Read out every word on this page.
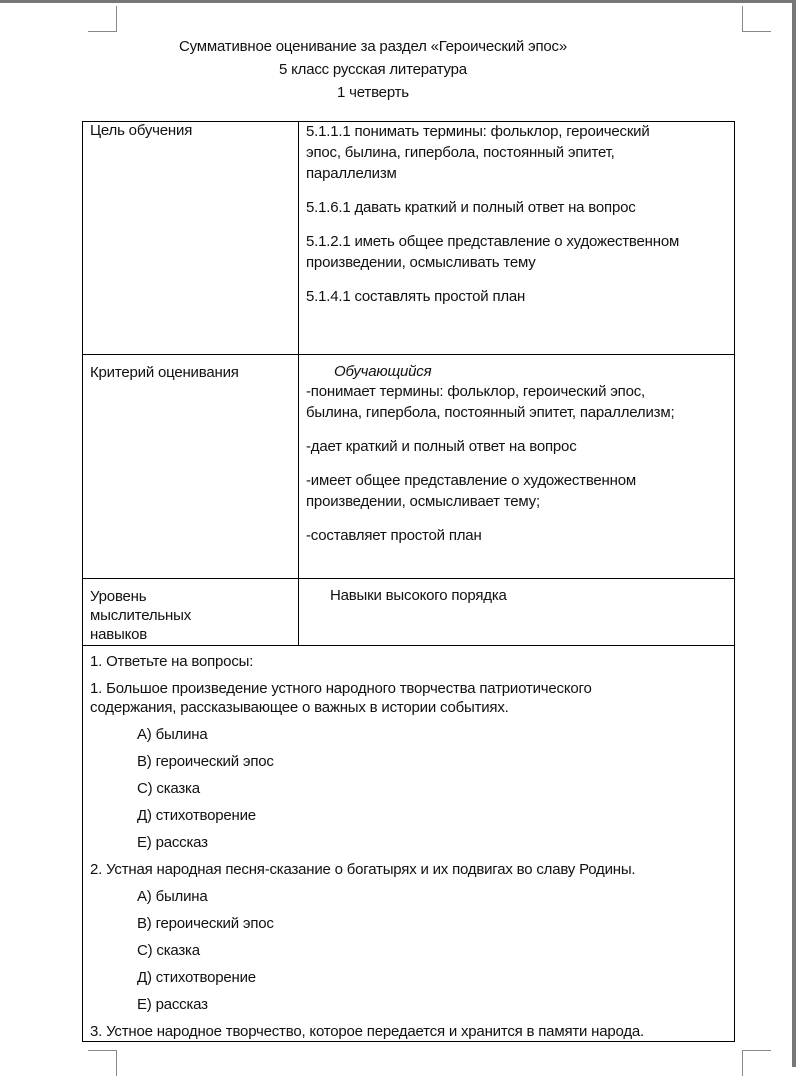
Суммативное оценивание за раздел «Героический эпос»
5 класс русская литература
1 четверть
Цель обучения	5.1.1.1 понимать термины: фольклор, героический
эпос, былина, гипербола, постоянный эпитет,
параллелизм
5.1.6.1 давать краткий и полный ответ на вопрос
5.1.2.1 иметь общее представление о художественном
произведении, осмысливать тему
5.1.4.1 составлять простой план
Критерий оценивания	Обучающийся
-понимает термины: фольклор, героический эпос,
былина, гипербола, постоянный эпитет, параллелизм;
-дает краткий и полный ответ на вопрос
-имеет общее представление о художественном
произведении, осмысливает тему;
-составляет простой план
Уровень
мыслительных
навыков
Навыки высокого порядка
1. Ответьте на вопросы:
1. Большое произведение устного народного творчества патриотического
содержания, рассказывающее о важных в истории событиях.
А) былина
В) героический эпос
С) сказка
Д) стихотворение
Е) рассказ
2. Устная народная песня-сказание о богатырях и их подвигах во славу Родины.
А) былина
В) героический эпос
С) сказка
Д) стихотворение
Е) рассказ
3. Устное народное творчество, которое передается и хранится в памяти народа.
